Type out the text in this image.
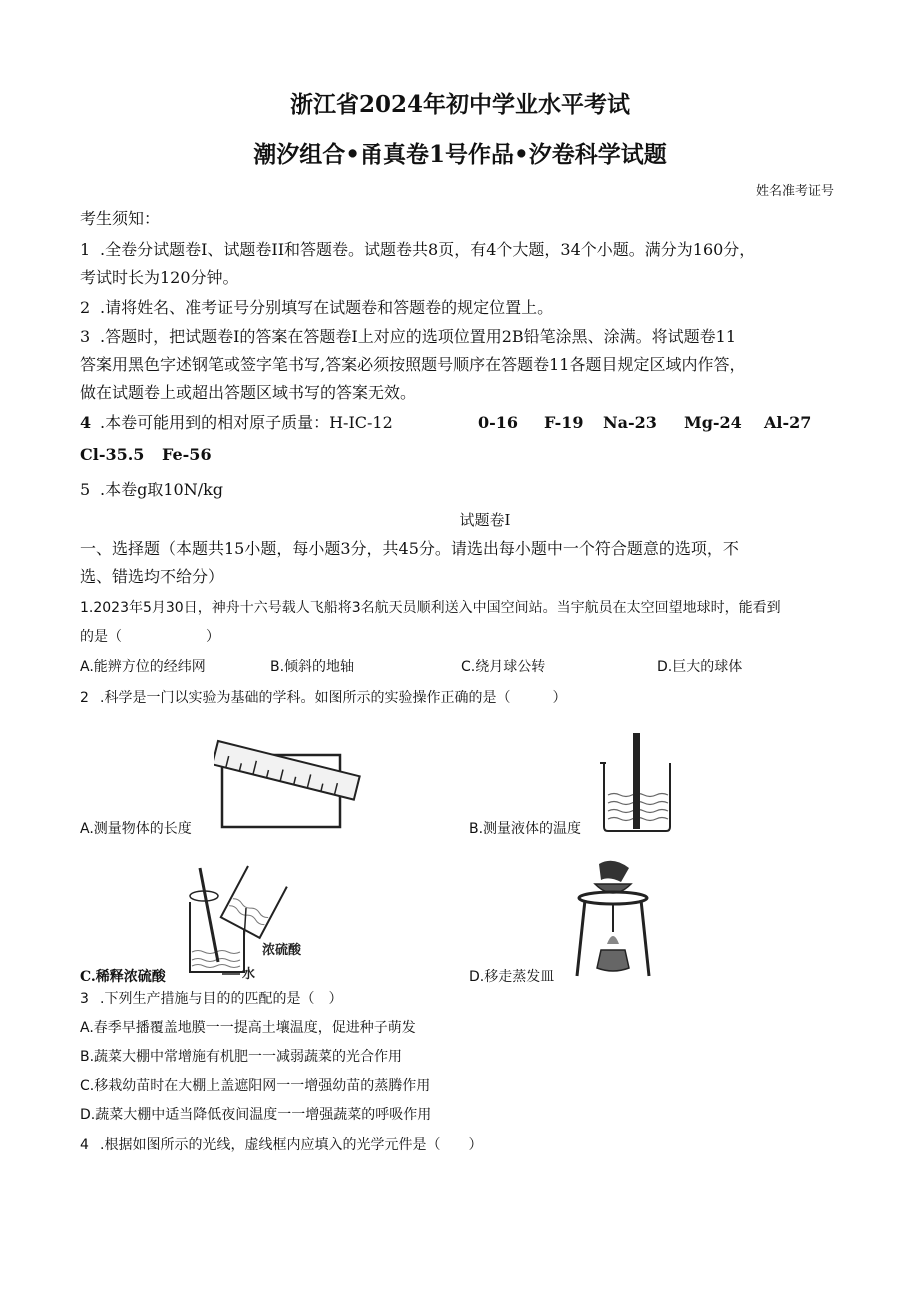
浙江省2024年初中学业水平考试
潮汐组合•甬真卷1号作品•汐卷科学试题
姓名准考证号
考生须知：
1 .全卷分试题卷I、试题卷II和答题卷。试题卷共8页，有4个大题，34个小题。满分为160分，
考试时长为120分钟。
2 .请将姓名、准考证号分别填写在试题卷和答题卷的规定位置上。
3 .答题时，把试题卷I的答案在答题卷I上对应的选项位置用2B铅笔涂黑、涂满。将试题卷11
答案用黑色字述钢笔或签字笔书写,答案必须按照题号顺序在答题卷11各题目规定区域内作答，
做在试题卷上或超出答题区域书写的答案无效。
4 .本卷可能用到的相对原子质量：H-IC-12	0-16 F-19 Na-23 Mg-24 Al-27
Cl-35.5 Fe-56
5 .本卷g取10N/kg
试题卷I
一、选择题（本题共15小题，每小题3分，共45分。请选出每小题中一个符合题意的选项，不
选、错选均不给分）
1.2023年5月30日，神舟十六号载人飞船将3名航天员顺利送入中国空间站。当宇航员在太空回望地球时，能看到
的是（　　　　　　）
A.能辨方位的经纬网	B.倾斜的地轴	C.绕月球公转	D.巨大的球体
2 .科学是一门以实验为基础的学科。如图所示的实验操作正确的是（　　　）
A.测量物体的长度	B.测量液体的温度
浓硫酸
水
C.稀释浓硫酸	D.移走蒸发皿
3 .下列生产措施与目的的匹配的是（　）
A.春季早播覆盖地膜一一提高土壤温度，促进种子萌发
B.蔬菜大棚中常增施有机肥一一减弱蔬菜的光合作用
C.移栽幼苗时在大棚上盖遮阳网一一增强幼苗的蒸腾作用
D.蔬菜大棚中适当降低夜间温度一一增强蔬菜的呼吸作用
4 .根据如图所示的光线，虚线框内应填入的光学元件是（　　）
